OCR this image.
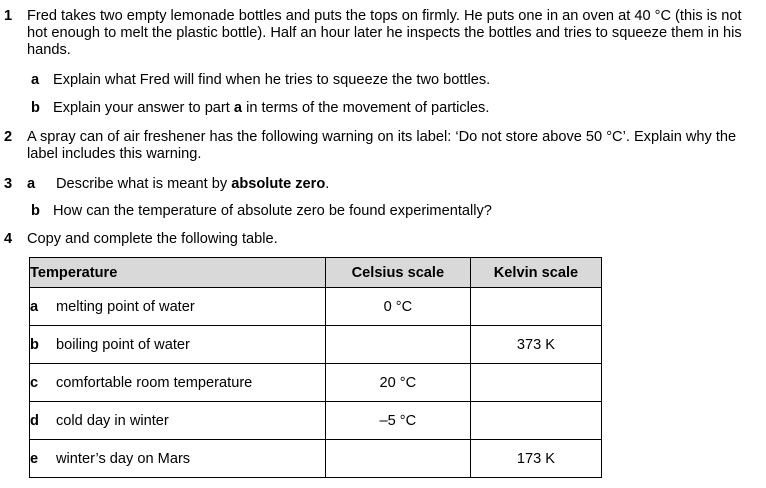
1 Fred takes two empty lemonade bottles and puts the tops on firmly. He puts one in an oven at 40 °C (this is not hot enough to melt the plastic bottle). Half an hour later he inspects the bottles and tries to squeeze them in his hands.
a Explain what Fred will find when he tries to squeeze the two bottles.
b Explain your answer to part a in terms of the movement of particles.
2 A spray can of air freshener has the following warning on its label: ‘Do not store above 50 °C’. Explain why the label includes this warning.
3 a Describe what is meant by absolute zero.
b How can the temperature of absolute zero be found experimentally?
4 Copy and complete the following table.
Temperature	Celsius scale	Kelvin scale
a melting point of water	0 °C	
b boiling point of water		373 K
c comfortable room temperature	20 °C	
d cold day in winter	–5 °C	
e winter’s day on Mars		173 K
